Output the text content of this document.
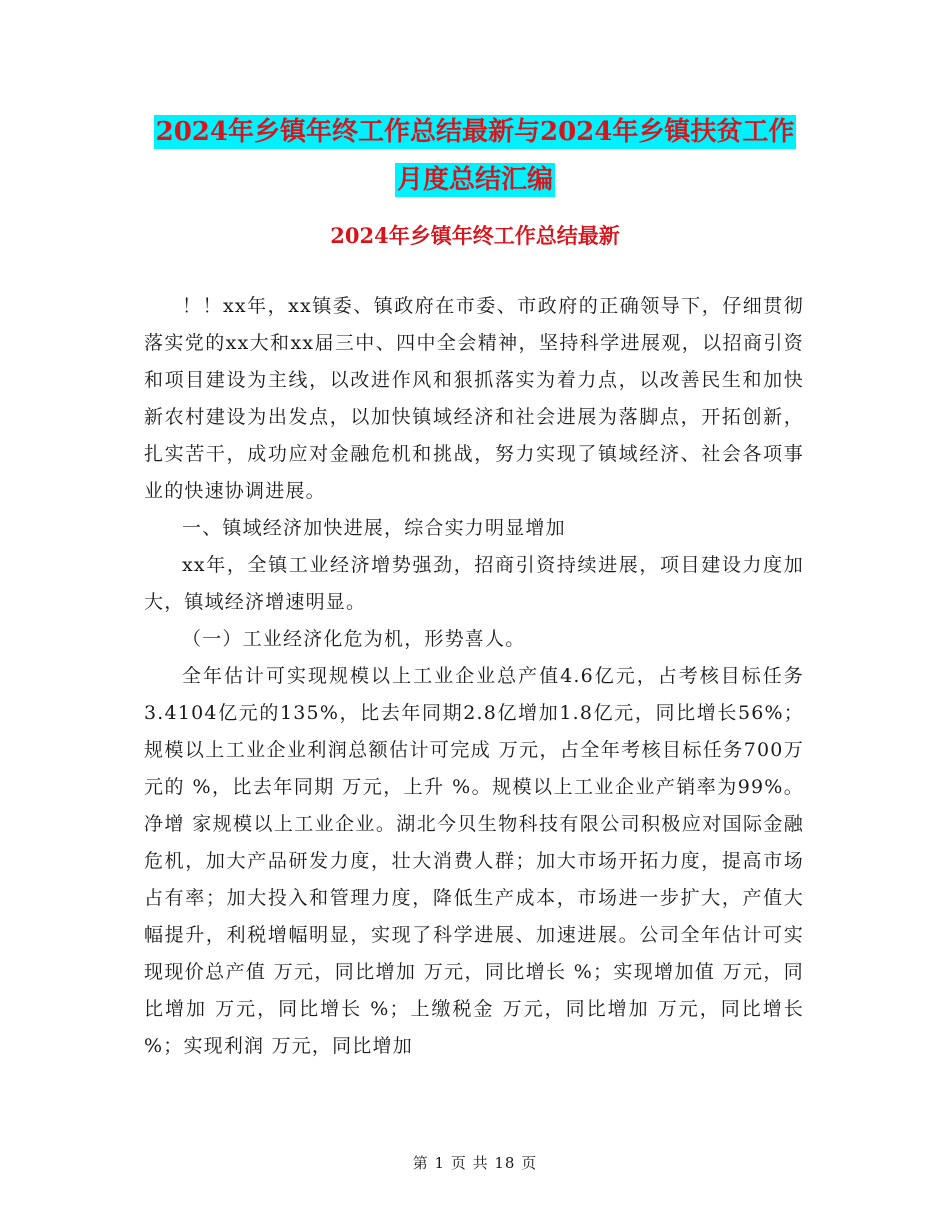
2024年乡镇年终工作总结最新与2024年乡镇扶贫工作
月度总结汇编
2024年乡镇年终工作总结最新

！！xx年，xx镇委、镇政府在市委、市政府的正确领导下，仔细贯彻落实党的xx大和xx届三中、四中全会精神，坚持科学进展观，以招商引资和项目建设为主线，以改进作风和狠抓落实为着力点，以改善民生和加快新农村建设为出发点，以加快镇域经济和社会进展为落脚点，开拓创新，扎实苦干，成功应对金融危机和挑战，努力实现了镇域经济、社会各项事业的快速协调进展。

一、镇域经济加快进展，综合实力明显增加

xx年，全镇工业经济增势强劲，招商引资持续进展，项目建设力度加大，镇域经济增速明显。

（一）工业经济化危为机，形势喜人。

全年估计可实现规模以上工业企业总产值4.6亿元，占考核目标任务3.4104亿元的135%，比去年同期2.8亿增加1.8亿元，同比增长56%；规模以上工业企业利润总额估计可完成 万元，占全年考核目标任务700万元的 %，比去年同期 万元，上升 %。规模以上工业企业产销率为99%。净增 家规模以上工业企业。湖北今贝生物科技有限公司积极应对国际金融危机，加大产品研发力度，壮大消费人群；加大市场开拓力度，提高市场占有率；加大投入和管理力度，降低生产成本，市场进一步扩大，产值大幅提升，利税增幅明显，实现了科学进展、加速进展。公司全年估计可实现现价总产值 万元，同比增加 万元，同比增长 %；实现增加值 万元，同比增加 万元，同比增长 %；上缴税金 万元，同比增加 万元，同比增长 %；实现利润 万元，同比增加

第 1 页 共 18 页
